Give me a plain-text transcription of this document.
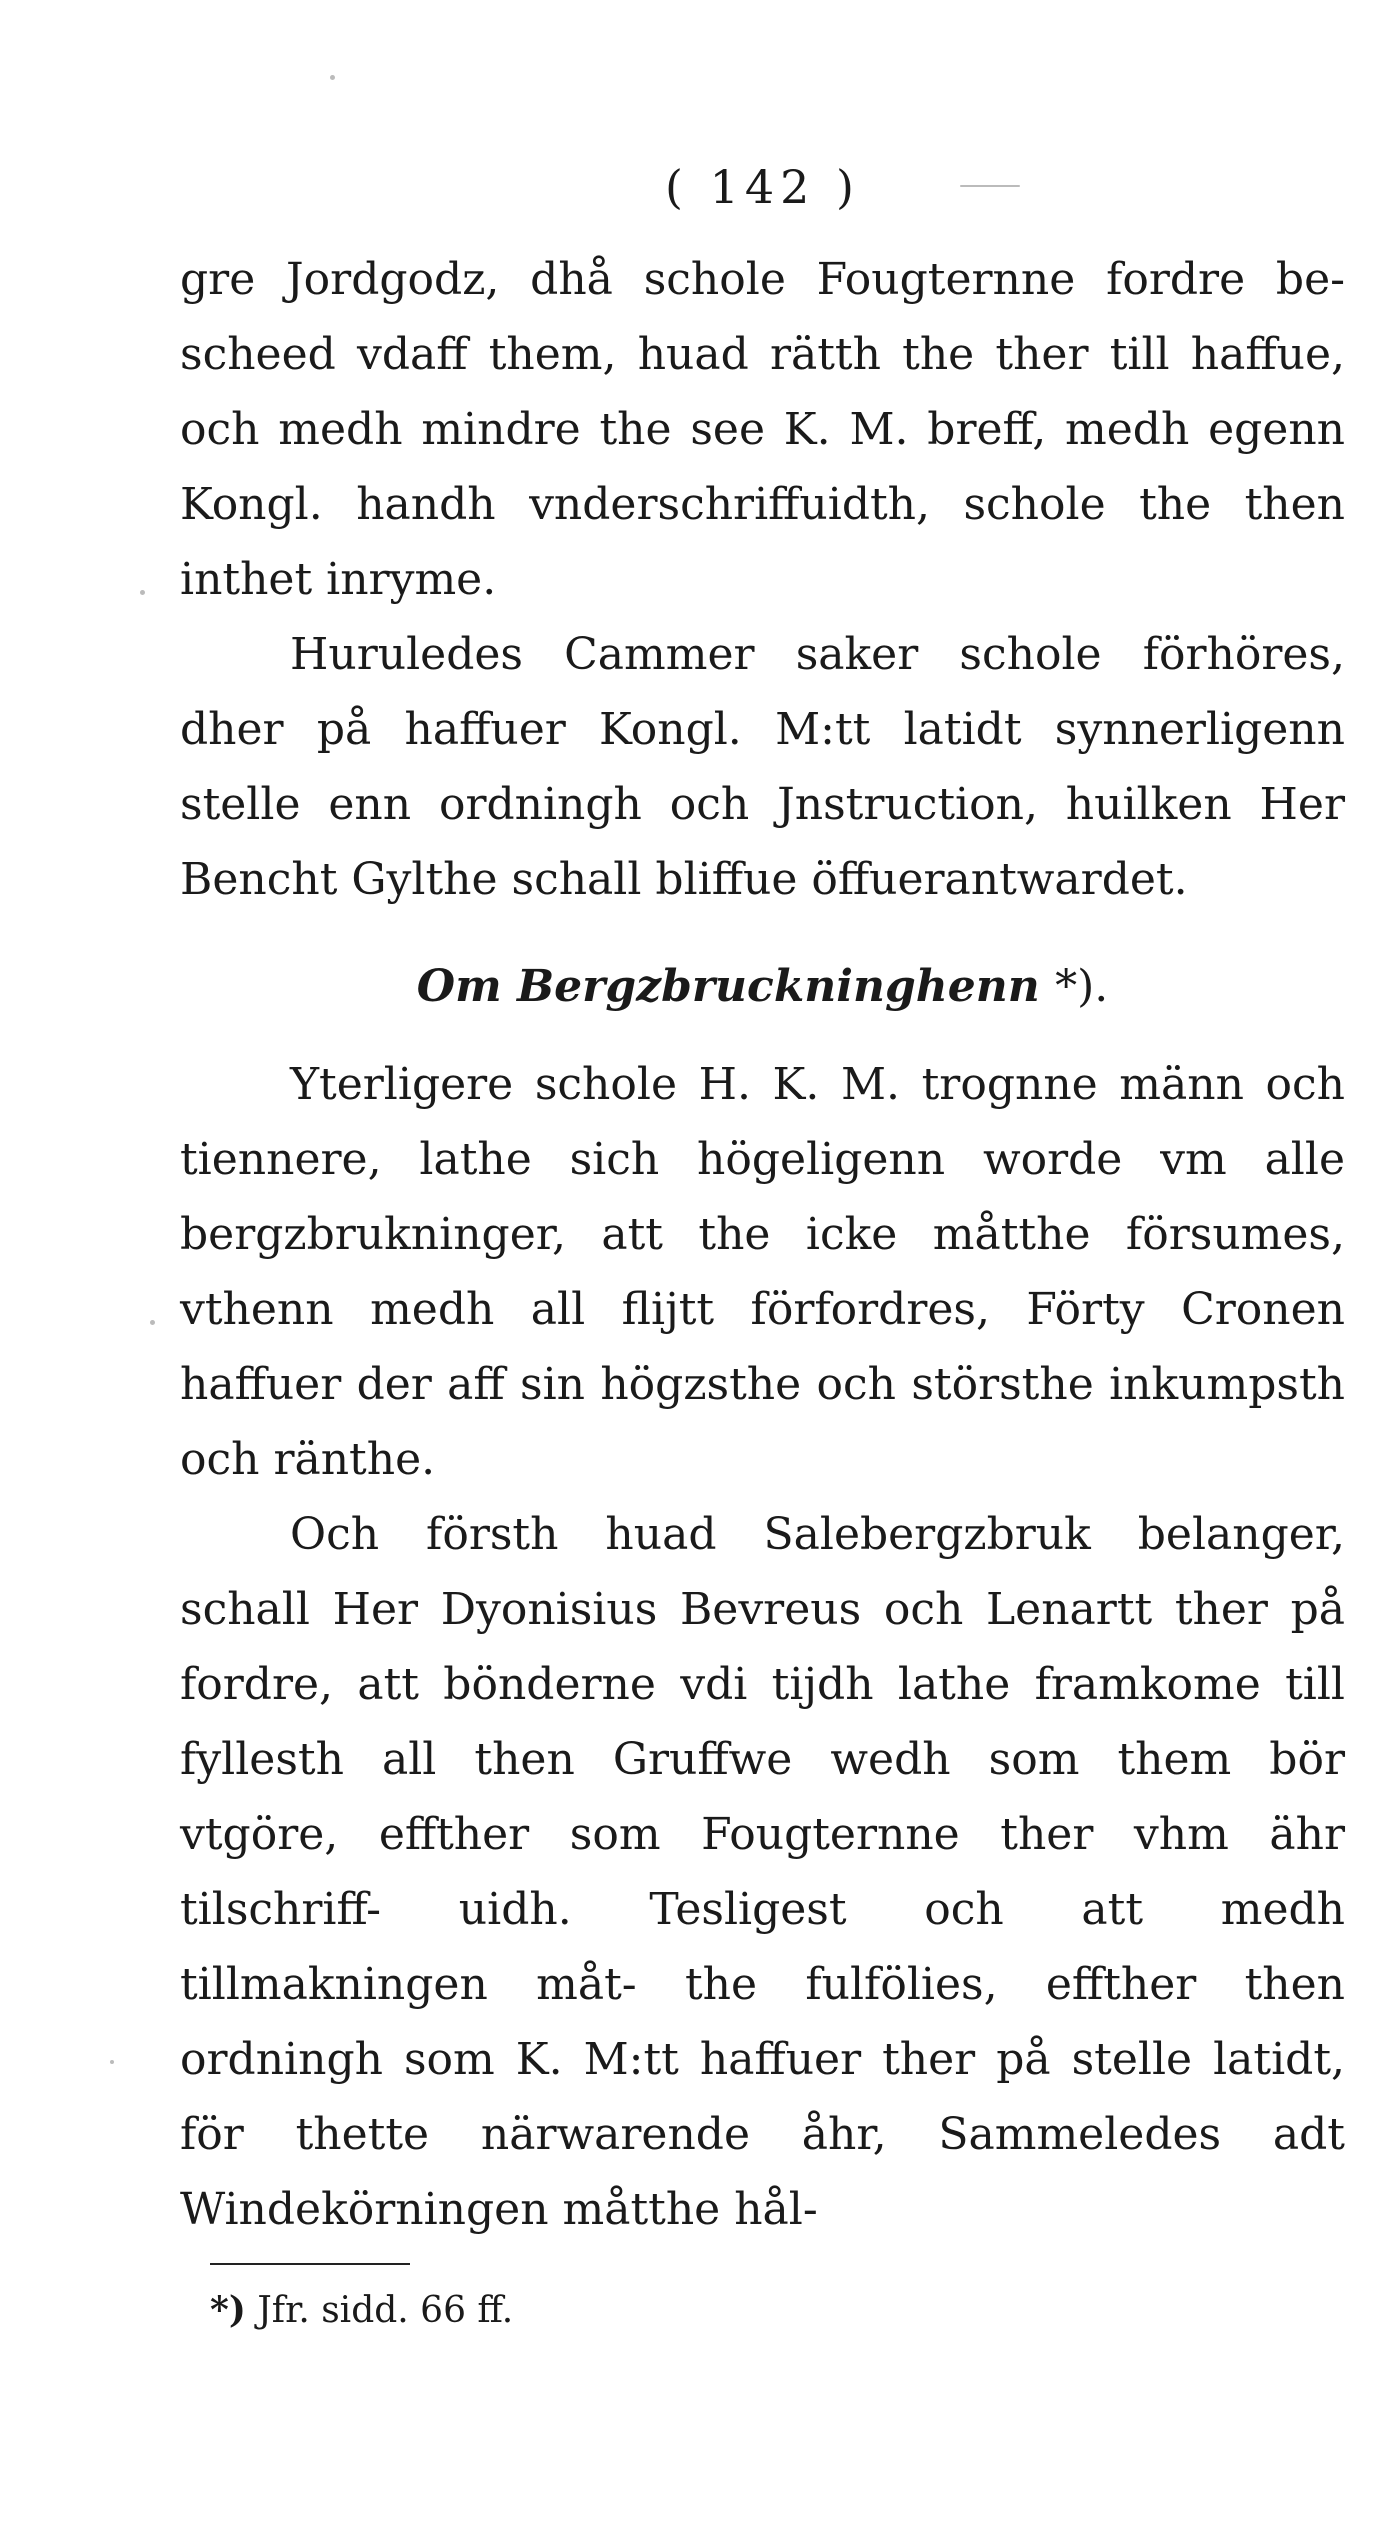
( 142 )
gre Jordgodz, dhå schole Fougternne fordre be- scheed vdaff them, huad rätth the ther till haffue, och medh mindre the see K. M. breff, medh egenn Kongl. handh vnderschriffuidth, schole the then inthet inryme.
Huruledes Cammer saker schole förhöres, dher på haffuer Kongl. M:tt latidt synnerligenn stelle enn ordningh och Jnstruction, huilken Her Bencht Gylthe schall bliffue öffuerantwardet.
Om Bergzbruckninghenn *).
Yterligere schole H. K. M. trognne männ och tiennere, lathe sich högeligenn worde vm alle bergzbrukninger, att the icke måtthe försumes, vthenn medh all flijtt förfordres, Förty Cronen haffuer der aff sin högzsthe och störsthe inkumpsth och ränthe.
Och försth huad Salebergzbruk belanger, schall Her Dyonisius Bevreus och Lenartt ther på fordre, att bönderne vdi tijdh lathe framkome till fyllesth all then Gruffwe wedh som them bör vtgöre, effther som Fougternne ther vhm ähr tilschriff- uidh. Tesligest och att medh tillmakningen måt- the fulfölies, effther then ordningh som K. M:tt haffuer ther på stelle latidt, för thette närwarende åhr, Sammeledes adt Windekörningen måtthe hål-
*) Jfr. sidd. 66 ff.
